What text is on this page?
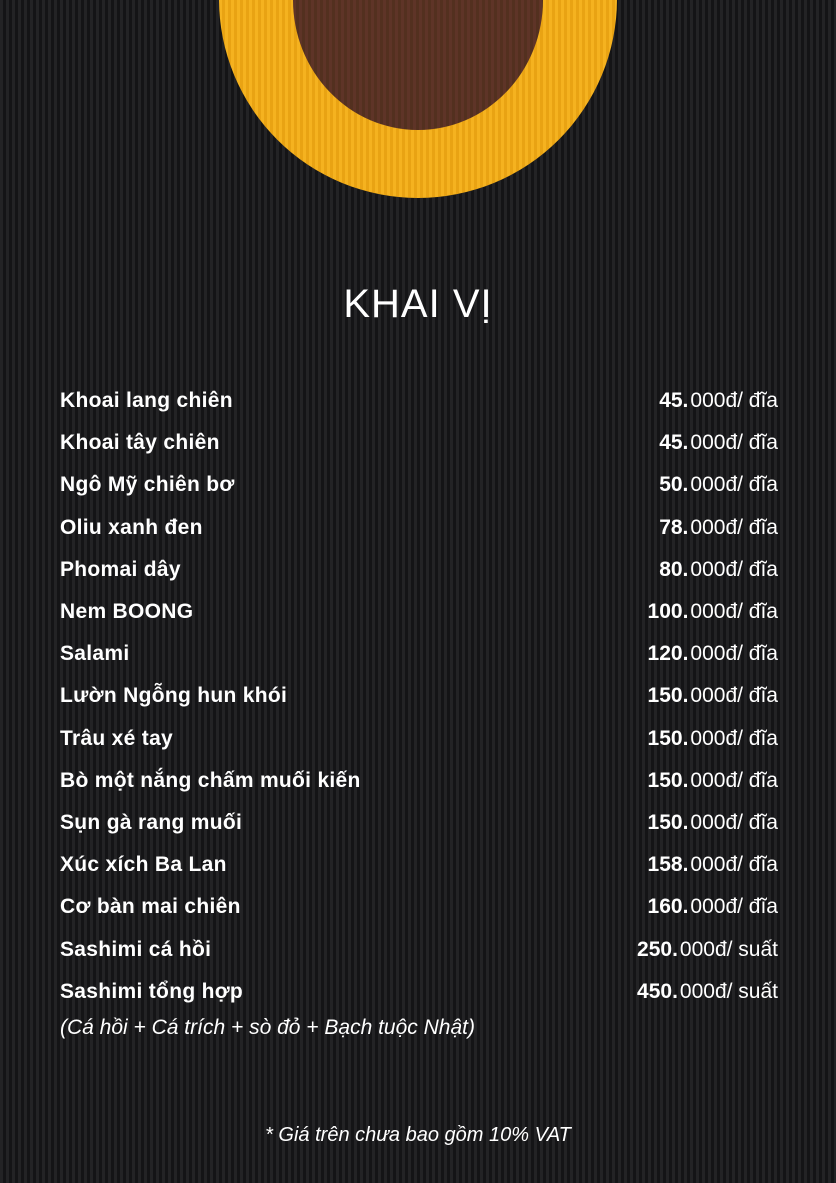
KHAI VỊ
Khoai lang chiên	45.000đ/ đĩa
Khoai tây chiên	45.000đ/ đĩa
Ngô Mỹ chiên bơ	50.000đ/ đĩa
Oliu xanh đen	78.000đ/ đĩa
Phomai dây	80.000đ/ đĩa
Nem BOONG	100.000đ/ đĩa
Salami	120.000đ/ đĩa
Lườn Ngỗng hun khói	150.000đ/ đĩa
Trâu xé tay	150.000đ/ đĩa
Bò một nắng chấm muối kiến	150.000đ/ đĩa
Sụn gà rang muối	150.000đ/ đĩa
Xúc xích Ba Lan	158.000đ/ đĩa
Cơ bàn mai chiên	160.000đ/ đĩa
Sashimi cá hồi	250.000đ/ suất
Sashimi tổng hợp	450.000đ/ suất
(Cá hồi + Cá trích + sò đỏ + Bạch tuộc Nhật)
* Giá trên chưa bao gồm 10% VAT
